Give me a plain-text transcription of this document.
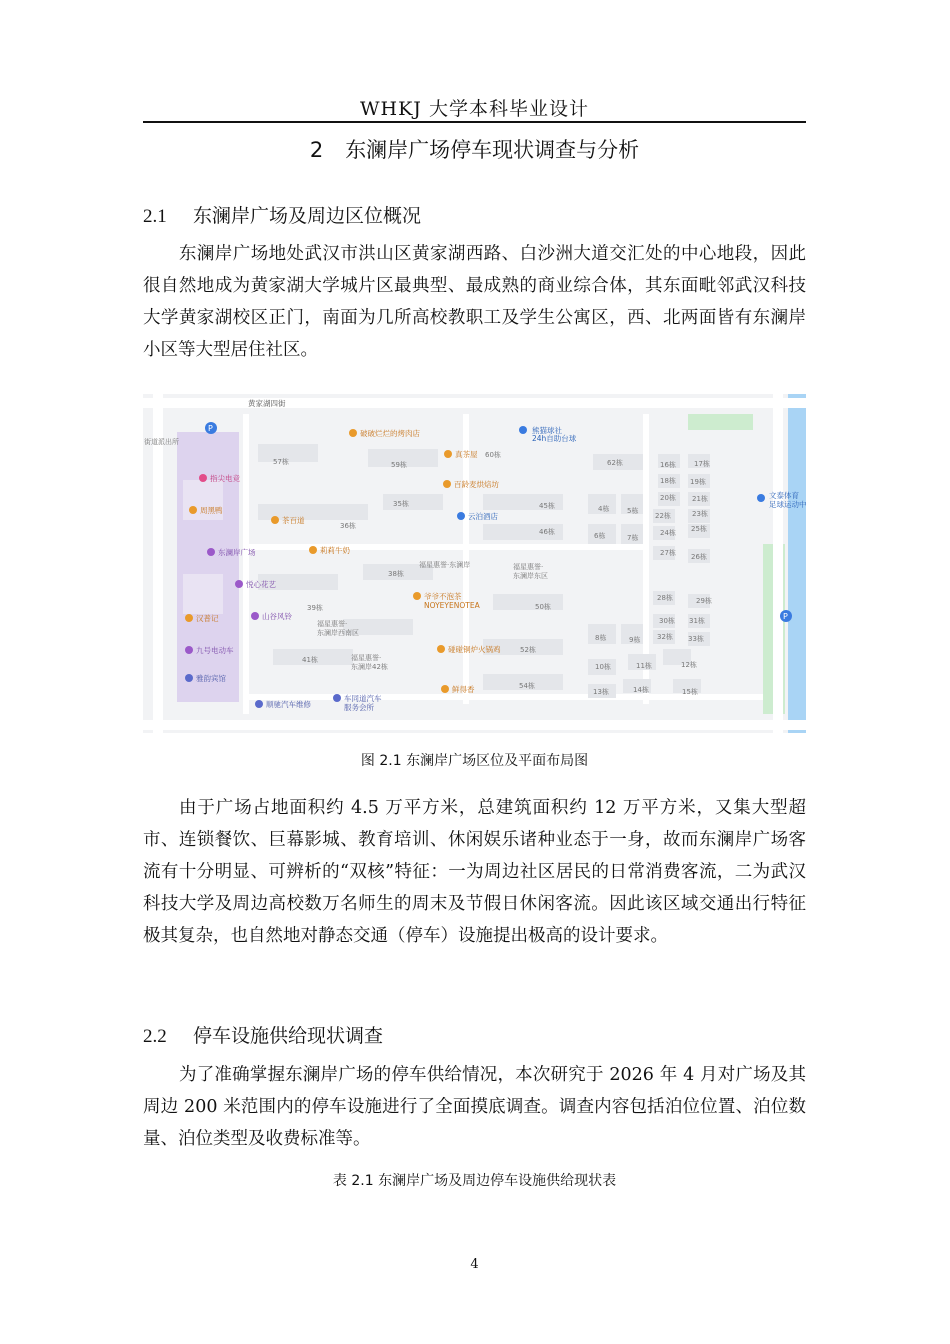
WHKJ 大学本科毕业设计
2 东澜岸广场停车现状调查与分析
2.1 东澜岸广场及周边区位概况

东澜岸广场地处武汉市洪山区黄家湖西路、白沙洲大道交汇处的中心地段，因此很自然地成为黄家湖大学城片区最典型、最成熟的商业综合体，其东面毗邻武汉科技大学黄家湖校区正门，南面为几所高校教职工及学生公寓区，西、北两面皆有东澜岸小区等大型居住社区。

黄家湖四街
街道派出所
P
P
指尖电竞
周黑鸭
东澜岸广场
悦心花艺
汉普记	山谷风铃
九号电动车
雅韵宾馆
破破烂烂的烤肉店
真茶屋
百龄麦烘焙坊
云泊酒店
茶百道
莉莉牛奶
爷爷不泡茶
NOYEYENOTEA
碰碰铜炉火锅鸡
鲜得香
熊猫球社
24h自助台球
顺驰汽车维修
车同道汽车
服务会所
文泰体育
足球运动中
福星惠誉·东澜岸	福星惠誉·
东澜岸东区
福星惠誉·
东澜岸西南区
福星惠誉·
东澜岸42栋
57栋	59栋
60栋
62栋	16栋	17栋
18栋 19栋
20栋 21栋
22栋	23栋
24栋 25栋
26栋
27栋
28栋	29栋
30栋 31栋
32栋 33栋
35栋
36栋
38栋
39栋
41栋
45栋
46栋
4栋	5栋
6栋	7栋
8栋	9栋
10栋	11栋	12栋
13栋	14栋	15栋
50栋
52栋
54栋
图 2.1 东澜岸广场区位及平面布局图

由于广场占地面积约 4.5 万平方米，总建筑面积约 12 万平方米，又集大型超市、连锁餐饮、巨幕影城、教育培训、休闲娱乐诸种业态于一身，故而东澜岸广场客流有十分明显、可辨析的“双核”特征：一为周边社区居民的日常消费客流，二为武汉科技大学及周边高校数万名师生的周末及节假日休闲客流。因此该区域交通出行特征极其复杂，也自然地对静态交通（停车）设施提出极高的设计要求。

2.2 停车设施供给现状调查

为了准确掌握东澜岸广场的停车供给情况，本次研究于 2026 年 4 月对广场及其周边 200 米范围内的停车设施进行了全面摸底调查。调查内容包括泊位位置、泊位数量、泊位类型及收费标准等。

表 2.1 东澜岸广场及周边停车设施供给现状表
4
